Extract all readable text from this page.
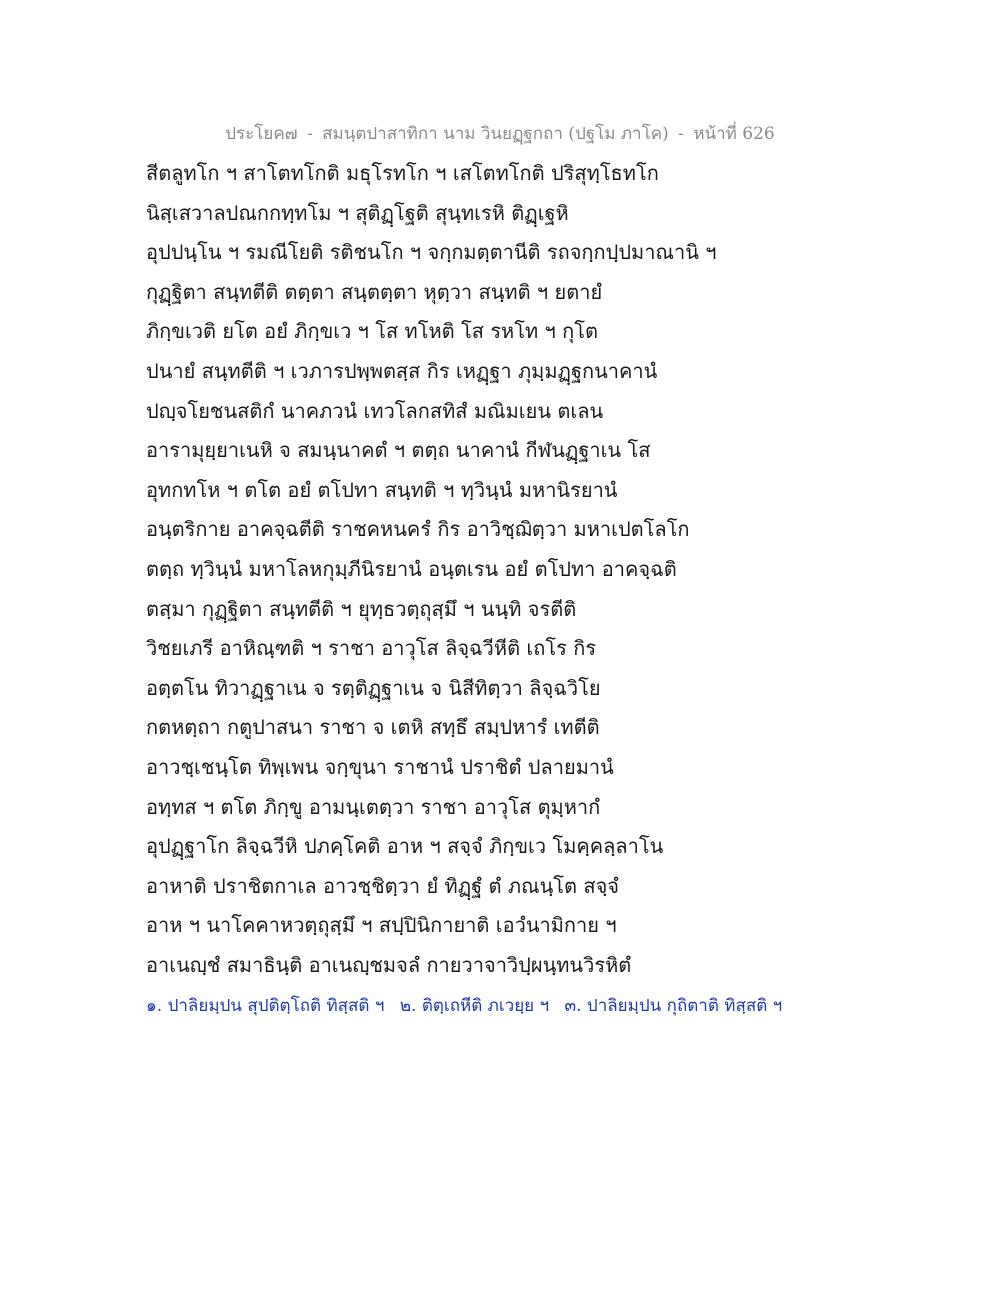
ประโยค๗ - สมนฺตปาสาทิกา นาม วินยฏฺฐกถา (ปฐโม ภาโค) - หน้าที่ 626
สีตลูทโก ฯ สาโตทโกติ มธุโรทโก ฯ เสโตทโกติ ปริสุทฺโธทโก
นิสฺเสวาลปณกกทฺทโม ฯ สุติฏฺโฐติ สุนฺทเรหิ ติฏฺเฐหิ
อุปปนฺโน ฯ รมณีโยติ รติชนโก ฯ จกฺกมตฺตานีติ รถจกฺกปฺปมาณานิ ฯ
กุฏฺฐิตา สนฺทตีติ ตตฺตา สนฺตตฺตา หุตฺวา สนฺทติ ฯ ยตายํ
ภิกฺขเวติ ยโต อยํ ภิกฺขเว ฯ โส ทโหติ โส รหโท ฯ กุโต
ปนายํ สนฺทตีติ ฯ เวภารปพฺพตสฺส กิร เหฏฺฐา ภุมฺมฏฺฐกนาคานํ
ปญฺจโยชนสติกํ นาคภวนํ เทวโลกสทิสํ มณิมเยน ตเลน
อารามุยฺยาเนหิ จ สมนฺนาคตํ ฯ ตตฺถ นาคานํ กีฬนฏฺฐาเน โส
อุทกทโห ฯ ตโต อยํ ตโปทา สนฺทติ ฯ ทฺวินฺนํ มหานิรยานํ
อนฺตริกาย อาคจฺฉตีติ ราชคหนครํ กิร อาวิชฺฌิตฺวา มหาเปตโลโก
ตตฺถ ทฺวินฺนํ มหาโลหกุมฺภีนิรยานํ อนฺตเรน อยํ ตโปทา อาคจฺฉติ
ตสฺมา กุฏฺฐิตา สนฺทตีติ ฯ ยุทฺธวตฺถุสฺมึ ฯ นนฺทิ จรตีติ
วิชยเภรี อาหิณฺฑติ ฯ ราชา อาวุโส ลิจฺฉวีหีติ เถโร กิร
อตฺตโน ทิวาฏฺฐาเน จ รตฺติฏฺฐาเน จ นิสีทิตฺวา ลิจฺฉวิโย
กตหตฺถา กตูปาสนา ราชา จ เตหิ สทฺธึ สมฺปหารํ เทตีติ
อาวชฺเชนฺโต ทิพฺเพน จกฺขุนา ราชานํ ปราชิตํ ปลายมานํ
อทฺทส ฯ ตโต ภิกฺขู อามนฺเตตฺวา ราชา อาวุโส ตุมฺหากํ
อุปฏฺฐาโก ลิจฺฉวีหิ ปภคฺโคติ อาห ฯ สจฺจํ ภิกฺขเว โมคฺคลฺลาโน
อาหาติ ปราชิตกาเล อาวชฺชิตฺวา ยํ ทิฏฺฐํ ตํ ภณนฺโต สจฺจํ
อาห ฯ นาโคคาหวตฺถุสฺมึ ฯ สปฺปินิกายาติ เอวํนามิกาย ฯ
อาเนญฺชํ สมาธินฺติ อาเนญฺชมจลํ กายวาจาวิปฺผนฺทนวิรหิตํ
๑. ปาลิยมฺปน สุปติตฺโถติ ทิสฺสติ ฯ ๒. ติตฺเถหีติ ภเวยฺย ฯ ๓. ปาลิยมฺปน กุถิตาติ ทิสฺสติ ฯ
